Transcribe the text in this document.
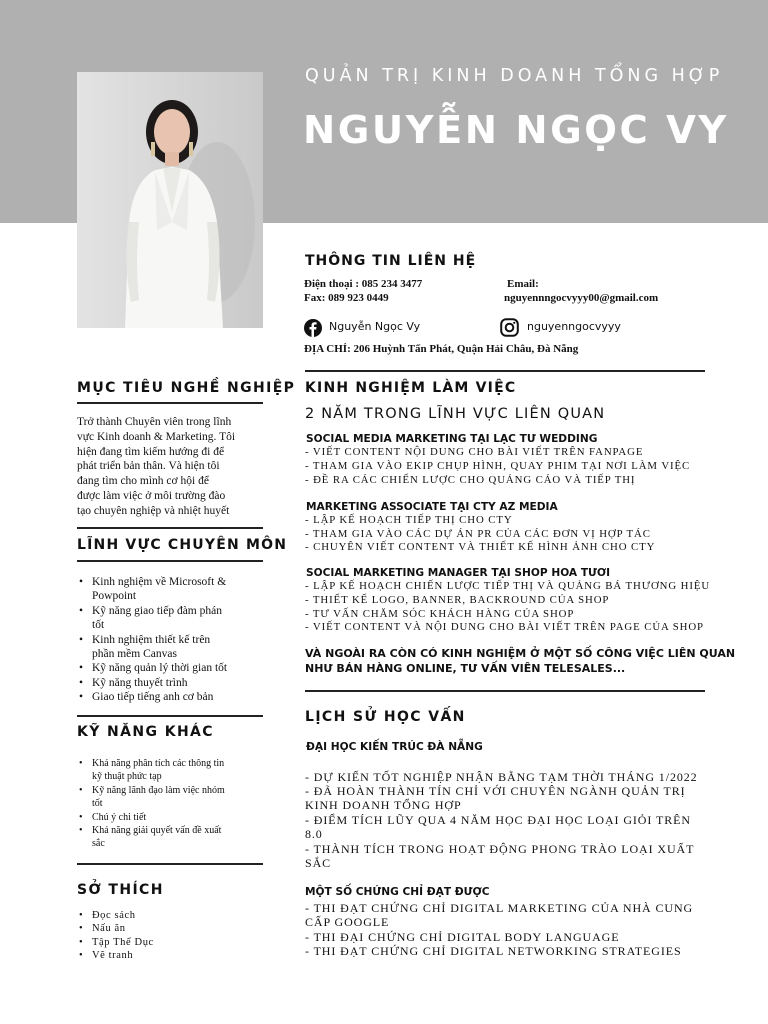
QUẢN TRỊ KINH DOANH TỔNG HỢP
NGUYỄN NGỌC VY
THÔNG TIN LIÊN HỆ
Điện thoại : 085 234 3477
Fax: 089 923 0449
Email:
nguyennngocvyyy00@gmail.com
Nguyễn Ngọc Vy	nguyenngocvyyy
ĐỊA CHỈ: 206 Huỳnh Tấn Phát, Quận Hải Châu, Đà Nẵng
MỤC TIÊU NGHỀ NGHIỆP
Trở thành Chuyên viên trong lĩnh
vực Kinh doanh & Marketing. Tôi
hiện đang tìm kiếm hướng đi để
phát triển bản thân. Và hiện tôi
đang tìm cho mình cơ hội để
được làm việc ở môi trường đào
tạo chuyên nghiệp và nhiệt huyết
LĨNH VỰC CHUYÊN MÔN
• Kinh nghiệm về Microsoft &
Powpoint
• Kỹ năng giao tiếp đàm phán
tốt
• Kinh nghiệm thiết kế trên
phần mềm Canvas
• Kỹ năng quản lý thời gian tốt
• Kỹ năng thuyết trình
• Giao tiếp tiếng anh cơ bản
KỸ NĂNG KHÁC
• Khả năng phân tích các thông tin
kỹ thuật phức tạp
• Kỹ năng lãnh đạo làm việc nhóm
tốt
• Chú ý chi tiết
• Khả năng giải quyết vấn đề xuất
sắc
SỞ THÍCH
• Đọc sách
• Nấu ăn
• Tập Thể Dục
• Vẽ tranh
KINH NGHIỆM LÀM VIỆC
2 NĂM TRONG LĨNH VỰC LIÊN QUAN
SOCIAL MEDIA MARKETING TẠI LẠC TƯ WEDDING
- VIẾT CONTENT NỘI DUNG CHO BÀI VIẾT TRÊN FANPAGE
- THAM GIA VÀO EKIP CHỤP HÌNH, QUAY PHIM TẠI NƠI LÀM VIỆC
- ĐỀ RA CÁC CHIẾN LƯỢC CHO QUẢNG CÁO VÀ TIẾP THỊ
MARKETING ASSOCIATE TẠI CTY AZ MEDIA
- LẬP KẾ HOẠCH TIẾP THỊ CHO CTY
- THAM GIA VÀO CÁC DỰ ÁN PR CỦA CÁC ĐƠN VỊ HỢP TÁC
- CHUYÊN VIẾT CONTENT VÀ THIẾT KẾ HÌNH ẢNH CHO CTY
SOCIAL MARKETING MANAGER TẠI SHOP HOA TƯƠI
- LẬP KẾ HOẠCH CHIẾN LƯỢC TIẾP THỊ VÀ QUẢNG BÁ THƯƠNG HIỆU
- THIẾT KẾ LOGO, BANNER, BACKROUND CỦA SHOP
- TƯ VẤN CHĂM SÓC KHÁCH HÀNG CỦA SHOP
- VIẾT CONTENT VÀ NỘI DUNG CHO BÀI VIẾT TRÊN PAGE CỦA SHOP
VÀ NGOÀI RA CÒN CÓ KINH NGHIỆM Ở MỘT SỐ CÔNG VIỆC LIÊN QUAN
NHƯ BÁN HÀNG ONLINE, TƯ VẤN VIÊN TELESALES...
LỊCH SỬ HỌC VẤN
ĐẠI HỌC KIẾN TRÚC ĐÀ NẴNG
- DỰ KIẾN TỐT NGHIỆP NHẬN BẰNG TẠM THỜI THÁNG 1/2022
- ĐÃ HOÀN THÀNH TÍN CHỈ VỚI CHUYÊN NGÀNH QUẢN TRỊ
KINH DOANH TỔNG HỢP
- ĐIỂM TÍCH LŨY QUA 4 NĂM HỌC ĐẠI HỌC LOẠI GIỎI TRÊN
8.0
- THÀNH TÍCH TRONG HOẠT ĐỘNG PHONG TRÀO LOẠI XUẤT
SẮC
MỘT SỐ CHỨNG CHỈ ĐẠT ĐƯỢC
- THI ĐẠT CHỨNG CHỈ DIGITAL MARKETING CỦA NHÀ CUNG
CẤP GOOGLE
- THI ĐẠI CHỨNG CHỈ DIGITAL BODY LANGUAGE
- THI ĐẠT CHỨNG CHỈ DIGITAL NETWORKING STRATEGIES
